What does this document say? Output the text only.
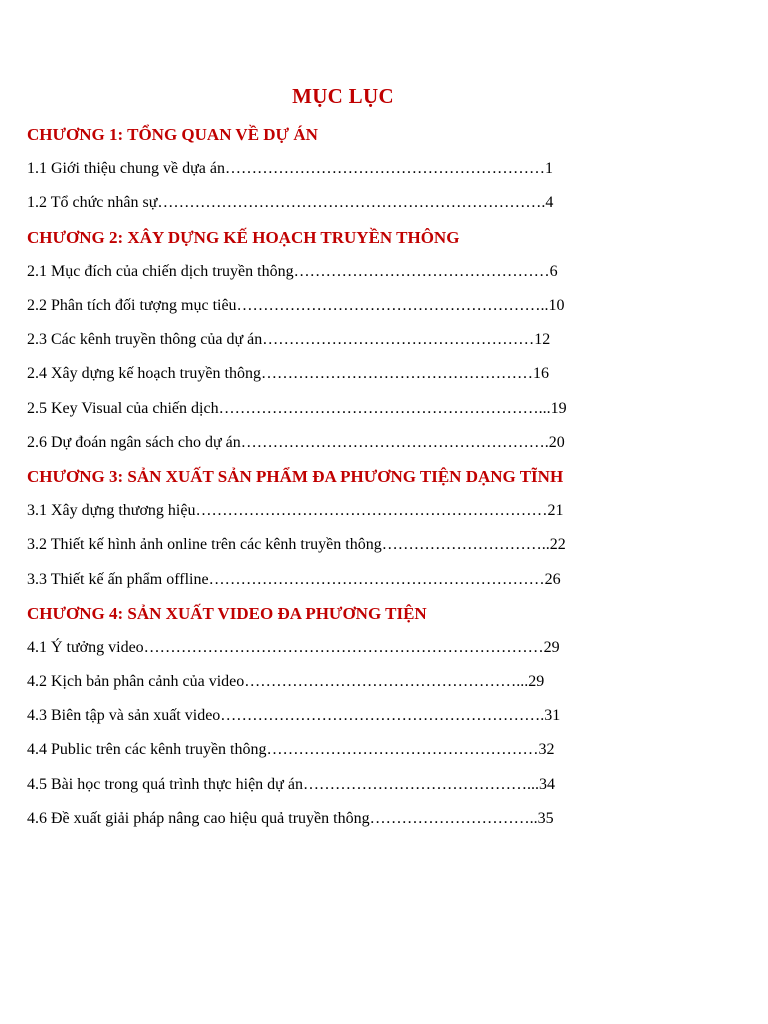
MỤC LỤC
CHƯƠNG 1: TỔNG QUAN VỀ DỰ ÁN
1.1 Giới thiệu chung về dựa án……………………………………………………1
1.2 Tổ chức nhân sự……………………………………………………………….4
CHƯƠNG 2: XÂY DỰNG KẾ HOẠCH TRUYỀN THÔNG
2.1 Mục đích của chiến dịch truyền thông…………………………………………6
2.2 Phân tích đối tượng mục tiêu…………………………………………………..10
2.3 Các kênh truyền thông của dự án……………………………………………12
2.4 Xây dựng kế hoạch truyền thông……………………………………………16
2.5 Key Visual của chiến dịch……………………………………………………...19
2.6 Dự đoán ngân sách cho dự án………………………………………………….20
CHƯƠNG 3: SẢN XUẤT SẢN PHẨM ĐA PHƯƠNG TIỆN DẠNG TĨNH
3.1 Xây dựng thương hiệu…………………………………………………………21
3.2 Thiết kế hình ảnh online trên các kênh truyền thông…………………………..22
3.3 Thiết kế ấn phẩm offline………………………………………………………26
CHƯƠNG 4: SẢN XUẤT VIDEO ĐA PHƯƠNG TIỆN
4.1 Ý tưởng video…………………………………………………………………29
4.2 Kịch bản phân cảnh của video……………………………………………...29
4.3 Biên tập và sản xuất video…………………………………………………….31
4.4 Public trên các kênh truyền thông……………………………………………32
4.5 Bài học trong quá trình thực hiện dự án……………………………………...34
4.6 Đề xuất giải pháp nâng cao hiệu quả truyền thông…………………………..35
